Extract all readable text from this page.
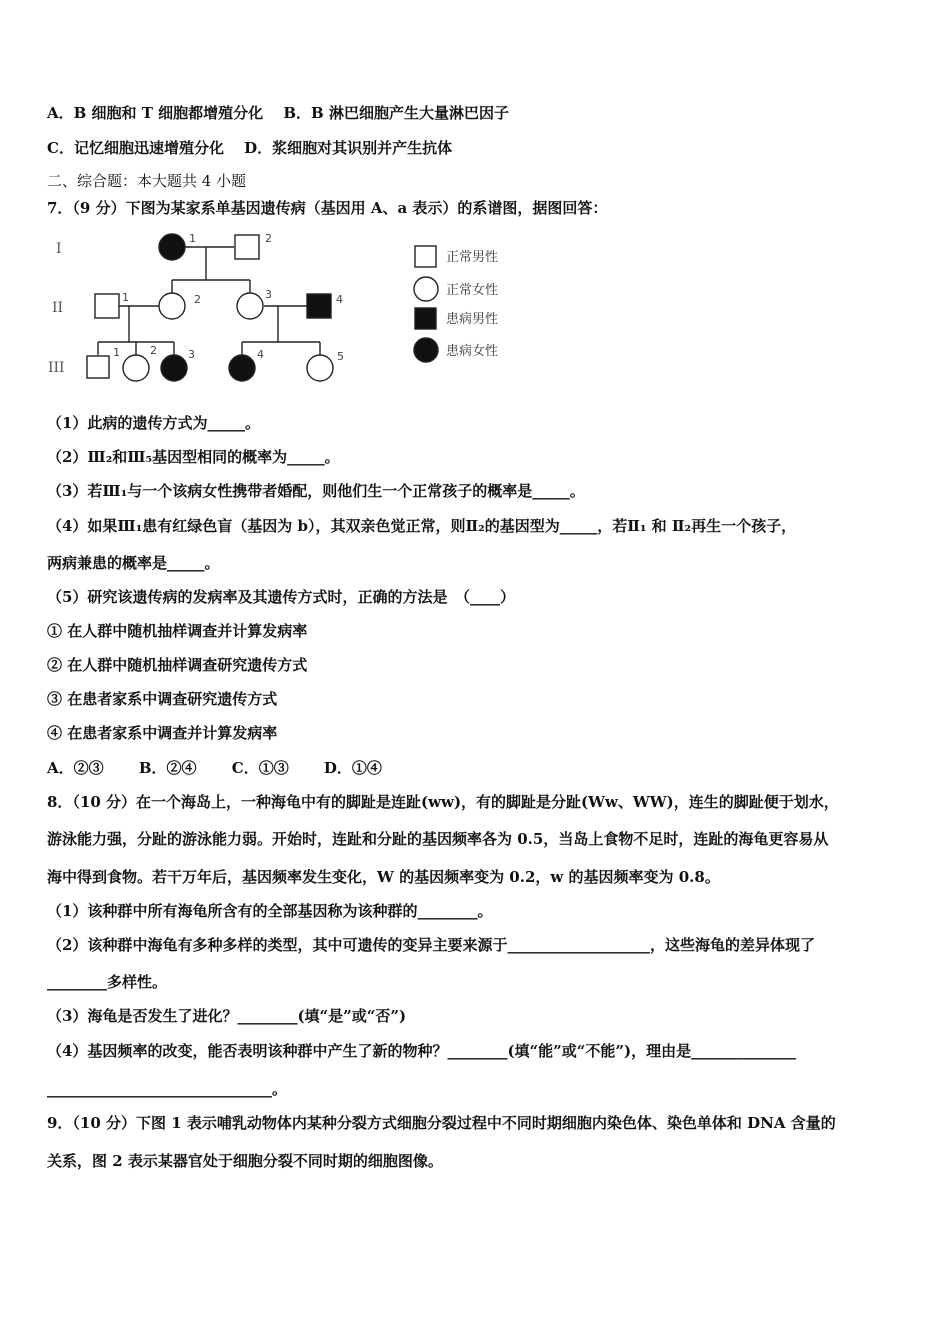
A．B 细胞和 T 细胞都增殖分化　 B．B 淋巴细胞产生大量淋巴因子
C．记忆细胞迅速增殖分化　 D．浆细胞对其识别并产生抗体
二、综合题：本大题共 4 小题
7．（9 分）下图为某家系单基因遗传病（基因用 A、a 表示）的系谱图，据图回答：
I
II
III
1	2
1	2	3	4
1	2	3	4	5
正常男性
正常女性
患病男性
患病女性
（1）此病的遗传方式为_____。
（2）Ⅲ₂和Ⅲ₅基因型相同的概率为_____。
（3）若Ⅲ₁与一个该病女性携带者婚配，则他们生一个正常孩子的概率是_____。
（4）如果Ⅲ₁患有红绿色盲（基因为 b），其双亲色觉正常，则Ⅱ₂的基因型为_____，若Ⅱ₁ 和 Ⅱ₂再生一个孩子，
两病兼患的概率是_____。
（5）研究该遗传病的发病率及其遗传方式时，正确的方法是　（____）
① 在人群中随机抽样调查并计算发病率
② 在人群中随机抽样调查研究遗传方式
③ 在患者家系中调查研究遗传方式
④ 在患者家系中调查并计算发病率
A．②③　　 B．②④　　 C．①③　　 D．①④
8．（10 分）在一个海岛上，一种海龟中有的脚趾是连趾(ww)，有的脚趾是分趾(Ww、WW)，连生的脚趾便于划水，
游泳能力强，分趾的游泳能力弱。开始时，连趾和分趾的基因频率各为 0.5，当岛上食物不足时，连趾的海龟更容易从
海中得到食物。若干万年后，基因频率发生变化，W 的基因频率变为 0.2，w 的基因频率变为 0.8。
（1）该种群中所有海龟所含有的全部基因称为该种群的________。
（2）该种群中海龟有多种多样的类型，其中可遗传的变异主要来源于___________________，这些海龟的差异体现了
________多样性。
（3）海龟是否发生了进化？________(填“是”或“否”)
（4）基因频率的改变，能否表明该种群中产生了新的物种？________(填“能”或“不能”)，理由是______________
______________________________。
9．（10 分）下图 1 表示哺乳动物体内某种分裂方式细胞分裂过程中不同时期细胞内染色体、染色单体和 DNA 含量的
关系，图 2 表示某器官处于细胞分裂不同时期的细胞图像。
